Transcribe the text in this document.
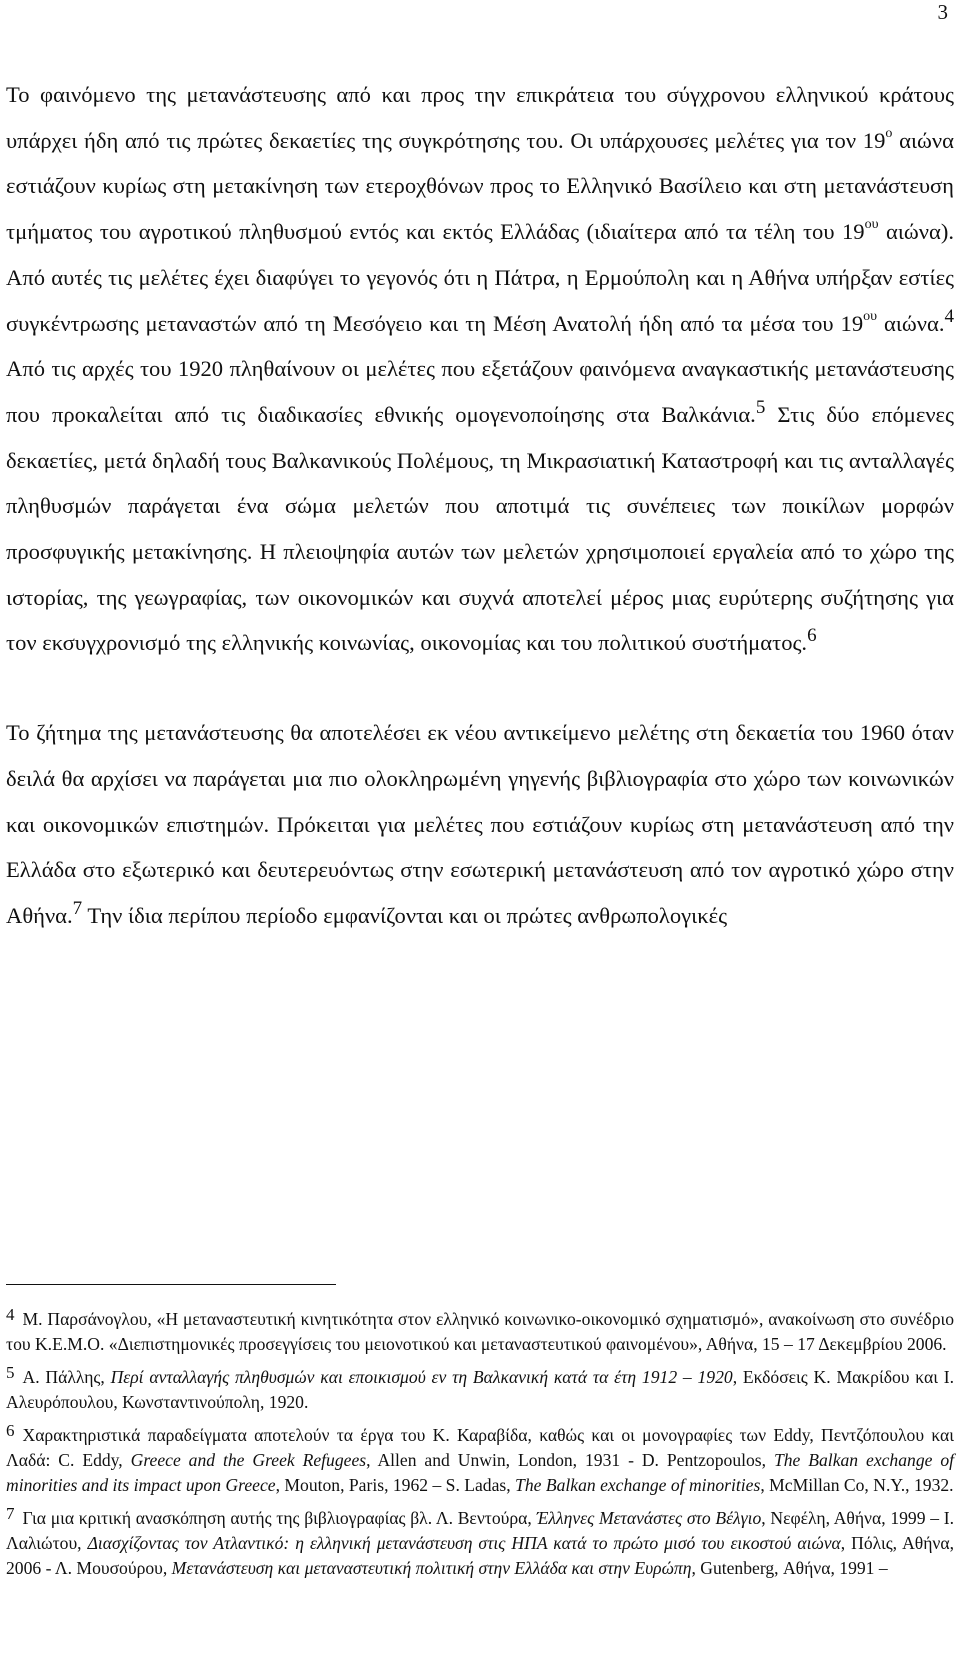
3

Το φαινόμενο της μετανάστευσης από και προς την επικράτεια του σύγχρονου ελληνικού κράτους υπάρχει ήδη από τις πρώτες δεκαετίες της συγκρότησης του. Οι υπάρχουσες μελέτες για τον $19^o$ αιώνα εστιάζουν κυρίως στη μετακίνηση των ετεροχθόνων προς το Ελληνικό Βασίλειο και στη μετανάστευση τμήματος του αγροτικού πληθυσμού εντός και εκτός Ελλάδας (ιδιαίτερα από τα τέλη του $19^{o\upsilon}$ αιώνα). Από αυτές τις μελέτες έχει διαφύγει το γεγονός ότι η Πάτρα, η Ερμούπολη και η Αθήνα υπήρξαν εστίες συγκέντρωσης μεταναστών από τη Μεσόγειο και τη Μέση Ανατολή ήδη από τα μέσα του $19^{o\upsilon}$ αιώνα.$^4$ Από τις αρχές του 1920 πληθαίνουν οι μελέτες που εξετάζουν φαινόμενα αναγκαστικής μετανάστευσης που προκαλείται από τις διαδικασίες εθνικής ομογενοποίησης στα Βαλκάνια.$^5$ Στις δύο επόμενες δεκαετίες, μετά δηλαδή τους Βαλκανικούς Πολέμους, τη Μικρασιατική Καταστροφή και τις ανταλλαγές πληθυσμών παράγεται ένα σώμα μελετών που αποτιμά τις συνέπειες των ποικίλων μορφών προσφυγικής μετακίνησης. Η πλειοψηφία αυτών των μελετών χρησιμοποιεί εργαλεία από το χώρο της ιστορίας, της γεωγραφίας, των οικονομικών και συχνά αποτελεί μέρος μιας ευρύτερης συζήτησης για τον εκσυγχρονισμό της ελληνικής κοινωνίας, οικονομίας και του πολιτικού συστήματος.$^6$

Το ζήτημα της μετανάστευσης θα αποτελέσει εκ νέου αντικείμενο μελέτης στη δεκαετία του 1960 όταν δειλά θα αρχίσει να παράγεται μια πιο ολοκληρωμένη γηγενής βιβλιογραφία στο χώρο των κοινωνικών και οικονομικών επιστημών. Πρόκειται για μελέτες που εστιάζουν κυρίως στη μετανάστευση από την Ελλάδα στο εξωτερικό και δευτερευόντως στην εσωτερική μετανάστευση από τον αγροτικό χώρο στην Αθήνα.$^7$ Την ίδια περίπου περίοδο εμφανίζονται και οι πρώτες ανθρωπολογικές

4 Μ. Παρσάνογλου, «Η μεταναστευτική κινητικότητα στον ελληνικό κοινωνικο-οικονομικό σχηματισμό», ανακοίνωση στο συνέδριο του Κ.Ε.Μ.Ο. «Διεπιστημονικές προσεγγίσεις του μειονοτικού και μεταναστευτικού φαινομένου», Αθήνα, 15 – 17 Δεκεμβρίου 2006.
5 Α. Πάλλης, Περί ανταλλαγής πληθυσμών και εποικισμού εν τη Βαλκανική κατά τα έτη 1912 – 1920, Εκδόσεις Κ. Μακρίδου και Ι. Αλευρόπουλου, Κωνσταντινούπολη, 1920.
6 Χαρακτηριστικά παραδείγματα αποτελούν τα έργα του Κ. Καραβίδα, καθώς και οι μονογραφίες των Eddy, Πεντζόπουλου και Λαδά: C. Eddy, Greece and the Greek Refugees, Allen and Unwin, London, 1931 - D. Pentzopoulos, The Balkan exchange of minorities and its impact upon Greece, Mouton, Paris, 1962 – S. Ladas, The Balkan exchange of minorities, McMillan Co, N.Y., 1932.
7 Για μια κριτική ανασκόπηση αυτής της βιβλιογραφίας βλ. Λ. Βεντούρα, Έλληνες Μετανάστες στο Βέλγιο, Νεφέλη, Αθήνα, 1999 – Ι. Λαλιώτου, Διασχίζοντας τον Ατλαντικό: η ελληνική μετανάστευση στις ΗΠΑ κατά το πρώτο μισό του εικοστού αιώνα, Πόλις, Αθήνα, 2006 - Λ. Μουσούρου, Μετανάστευση και μεταναστευτική πολιτική στην Ελλάδα και στην Ευρώπη, Gutenberg, Αθήνα, 1991 –
